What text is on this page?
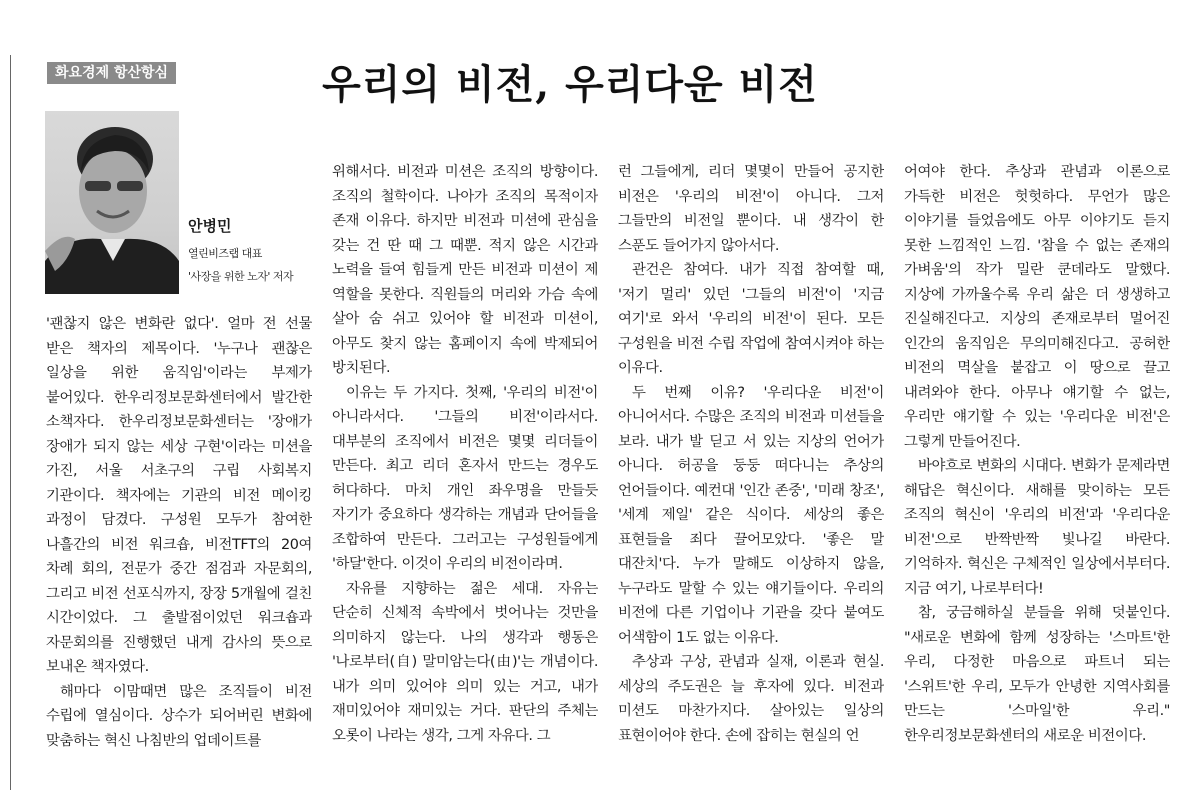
화요경제 항산항심	우리의 비전, 우리다운 비전
안병민
열린비즈랩 대표
'사장을 위한 노자' 저자

'괜찮지 않은 변화란 없다'. 얼마 전 선물 받은 책자의 제목이다. '누구나 괜찮은 일상을 위한 움직임'이라는 부제가 붙어있다. 한우리정보문화센터에서 발간한 소책자다. 한우리정보문화센터는 '장애가 장애가 되지 않는 세상 구현'이라는 미션을 가진, 서울 서초구의 구립 사회복지 기관이다. 책자에는 기관의 비전 메이킹 과정이 담겼다. 구성원 모두가 참여한 나흘간의 비전 워크숍, 비전TFT의 20여 차례 회의, 전문가 중간 점검과 자문회의, 그리고 비전 선포식까지, 장장 5개월에 걸친 시간이었다. 그 출발점이었던 워크숍과 자문회의를 진행했던 내게 감사의 뜻으로 보내온 책자였다.

해마다 이맘때면 많은 조직들이 비전 수립에 열심이다. 상수가 되어버린 변화에 맞춤하는 혁신 나침반의 업데이트를

위해서다. 비전과 미션은 조직의 방향이다. 조직의 철학이다. 나아가 조직의 목적이자 존재 이유다. 하지만 비전과 미션에 관심을 갖는 건 딴 때 그 때뿐. 적지 않은 시간과 노력을 들여 힘들게 만든 비전과 미션이 제 역할을 못한다. 직원들의 머리와 가슴 속에 살아 숨 쉬고 있어야 할 비전과 미션이, 아무도 찾지 않는 홈페이지 속에 박제되어 방치된다.

이유는 두 가지다. 첫째, '우리의 비전'이 아니라서다. '그들의 비전'이라서다. 대부분의 조직에서 비전은 몇몇 리더들이 만든다. 최고 리더 혼자서 만드는 경우도 허다하다. 마치 개인 좌우명을 만들듯 자기가 중요하다 생각하는 개념과 단어들을 조합하여 만든다. 그러고는 구성원들에게 '하달'한다. 이것이 우리의 비전이라며.

자유를 지향하는 젊은 세대. 자유는 단순히 신체적 속박에서 벗어나는 것만을 의미하지 않는다. 나의 생각과 행동은 '나로부터(自) 말미암는다(由)'는 개념이다. 내가 의미 있어야 의미 있는 거고, 내가 재미있어야 재미있는 거다. 판단의 주체는 오롯이 나라는 생각, 그게 자유다. 그

런 그들에게, 리더 몇몇이 만들어 공지한 비전은 '우리의 비전'이 아니다. 그저 그들만의 비전일 뿐이다. 내 생각이 한 스푼도 들어가지 않아서다.

관건은 참여다. 내가 직접 참여할 때, '저기 멀리' 있던 '그들의 비전'이 '지금 여기'로 와서 '우리의 비전'이 된다. 모든 구성원을 비전 수립 작업에 참여시켜야 하는 이유다.

두 번째 이유? '우리다운 비전'이 아니어서다. 수많은 조직의 비전과 미션들을 보라. 내가 발 딛고 서 있는 지상의 언어가 아니다. 허공을 둥둥 떠다니는 추상의 언어들이다. 예컨대 '인간 존중', '미래 창조', '세계 제일' 같은 식이다. 세상의 좋은 표현들을 죄다 끌어모았다. '좋은 말 대잔치'다. 누가 말해도 이상하지 않을, 누구라도 말할 수 있는 얘기들이다. 우리의 비전에 다른 기업이나 기관을 갖다 붙여도 어색함이 1도 없는 이유다.

추상과 구상, 관념과 실재, 이론과 현실. 세상의 주도권은 늘 후자에 있다. 비전과 미션도 마찬가지다. 살아있는 일상의 표현이어야 한다. 손에 잡히는 현실의 언

어여야 한다. 추상과 관념과 이론으로 가득한 비전은 헛헛하다. 무언가 많은 이야기를 들었음에도 아무 이야기도 듣지 못한 느낌적인 느낌. '참을 수 없는 존재의 가벼움'의 작가 밀란 쿤데라도 말했다. 지상에 가까울수록 우리 삶은 더 생생하고 진실해진다고. 지상의 존재로부터 멀어진 인간의 움직임은 무의미해진다고. 공허한 비전의 멱살을 붙잡고 이 땅으로 끌고 내려와야 한다. 아무나 얘기할 수 없는, 우리만 얘기할 수 있는 '우리다운 비전'은 그렇게 만들어진다.

바야흐로 변화의 시대다. 변화가 문제라면 해답은 혁신이다. 새해를 맞이하는 모든 조직의 혁신이 '우리의 비전'과 '우리다운 비전'으로 반짝반짝 빛나길 바란다. 기억하자. 혁신은 구체적인 일상에서부터다. 지금 여기, 나로부터다!

참, 궁금해하실 분들을 위해 덧붙인다. "새로운 변화에 함께 성장하는 '스마트'한 우리, 다정한 마음으로 파트너 되는 '스위트'한 우리, 모두가 안녕한 지역사회를 만드는 '스마일'한 우리." 한우리정보문화센터의 새로운 비전이다.
